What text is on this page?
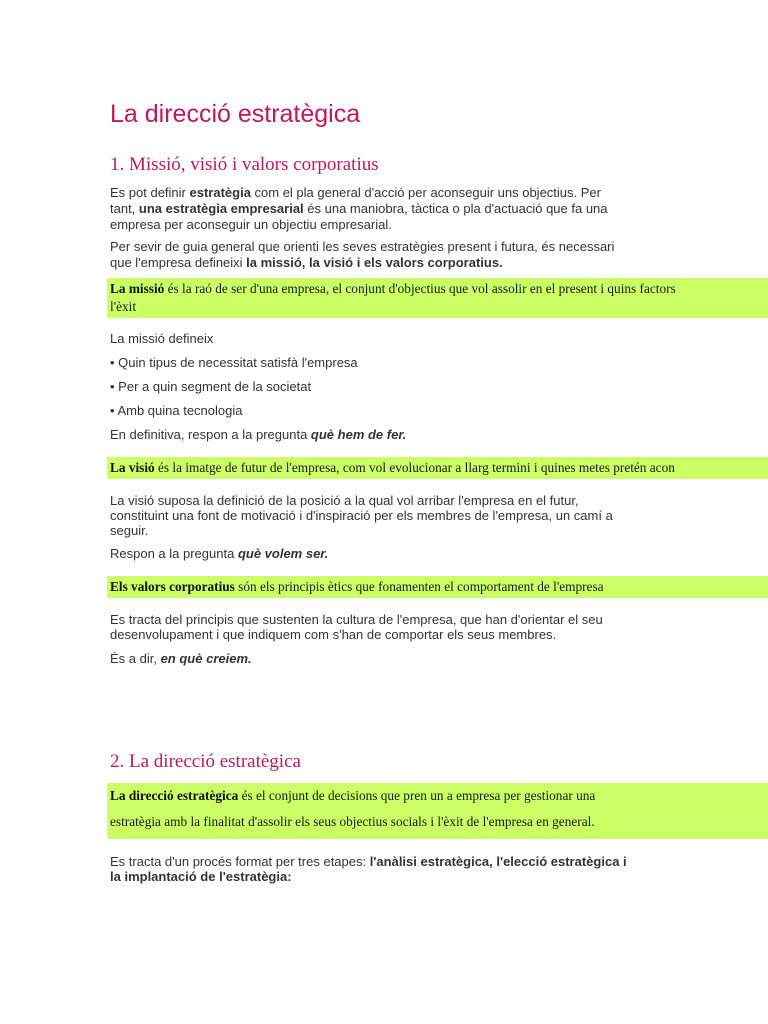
La direcció estratègica
1. Missió, visió i valors corporatius
Es pot definir estratègia com el pla general d'acció per aconseguir uns objectius. Per
tant, una estratègia empresarial és una maniobra, tàctica o pla d'actuació que fa una
empresa per aconseguir un objectiu empresarial.
Per sevir de guia general que orienti les seves estratègies present i futura, és necessari
que l'empresa defineixi la missió, la visió i els valors corporatius.
La missió és la raó de ser d'una empresa, el conjunt d'objectius que vol assolir en el present i quins factors
l'èxit
La missió defineix
• Quin tipus de necessitat satisfà l'empresa
• Per a quin segment de la societat
• Amb quina tecnologia
En definitiva, respon a la pregunta què hem de fer.
La visió és la imatge de futur de l'empresa, com vol evolucionar a llarg termini i quines metes pretén acon
La visió suposa la definició de la posició a la qual vol arribar l'empresa en el futur,
constituint una font de motivació i d'inspiració per els membres de l'empresa, un camí a
seguir.
Respon a la pregunta què volem ser.
Els valors corporatius són els principis ètics que fonamenten el comportament de l'empresa
Es tracta del principis que sustenten la cultura de l'empresa, que han d'orientar el seu
desenvolupament i que indiquem com s'han de comportar els seus membres.
És a dir, en què creiem.
2. La direcció estratègica
La direcció estratègica és el conjunt de decisions que pren un a empresa per gestionar una
estratègia amb la finalitat d'assolir els seus objectius socials i l'èxit de l'empresa en general.
Es tracta d'un procés format per tres etapes: l'anàlisi estratègica, l'elecció estratègica i
la implantació de l'estratègia:
